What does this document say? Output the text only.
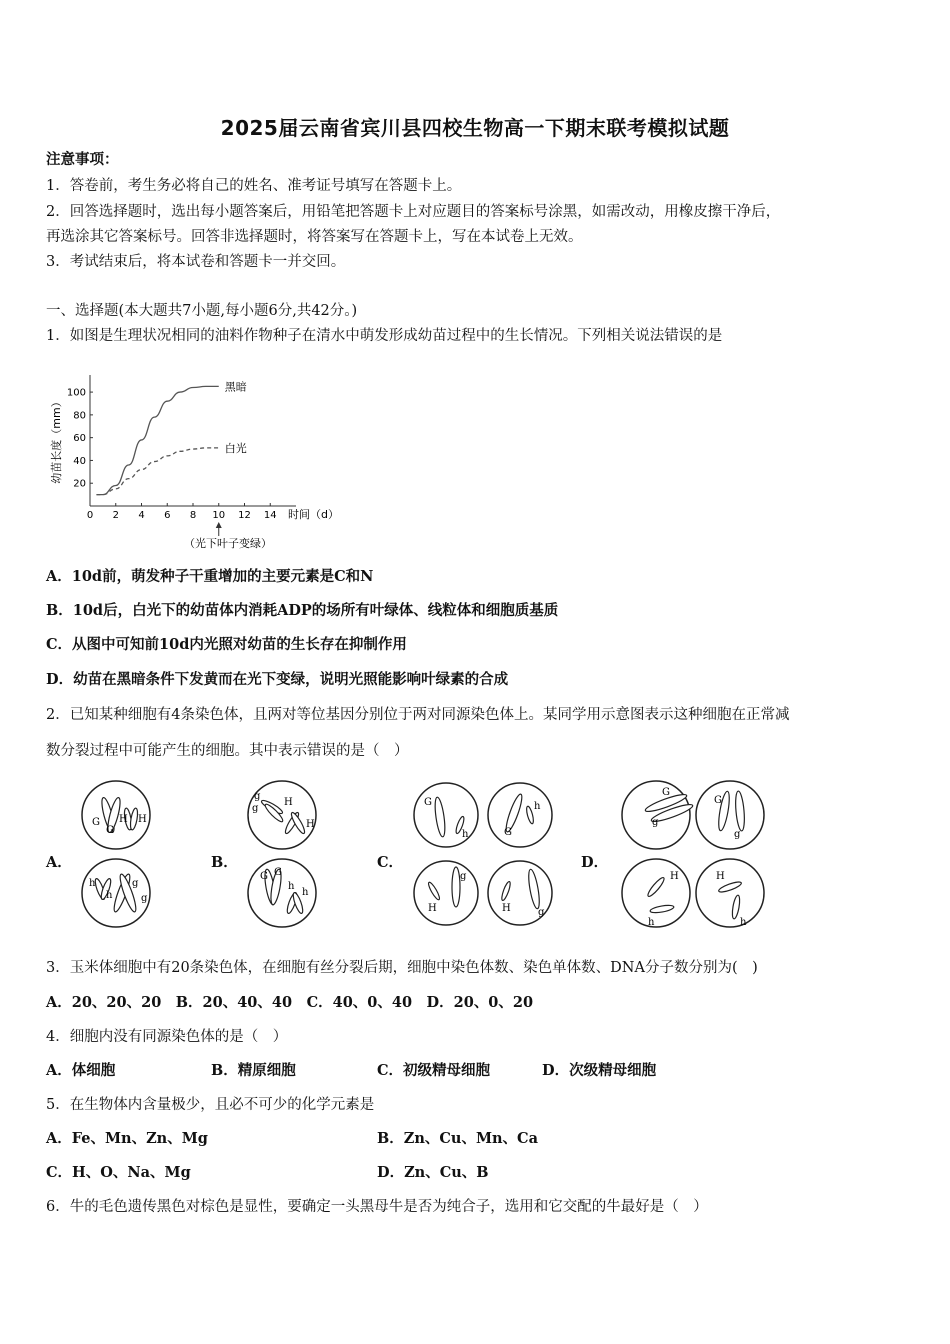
2025届云南省宾川县四校生物高一下期末联考模拟试题
注意事项：
1．答卷前，考生务必将自己的姓名、准考证号填写在答题卡上。
2．回答选择题时，选出每小题答案后，用铅笔把答题卡上对应题目的答案标号涂黑，如需改动，用橡皮擦干净后，
再选涂其它答案标号。回答非选择题时，将答案写在答题卡上，写在本试卷上无效。
3．考试结束后，将本试卷和答题卡一并交回。
一、选择题(本大题共7小题,每小题6分,共42分。)
1．如图是生理状况相同的油料作物种子在清水中萌发形成幼苗过程中的生长情况。下列相关说法错误的是
幼苗长度（mm）
时间（d）
（光下叶子变绿）
0 2 4 6 8 10 12 14
20
40
60
80
100	黑暗
白光
A．10d前，萌发种子干重增加的主要元素是C和N
B．10d后，白光下的幼苗体内消耗ADP的场所有叶绿体、线粒体和细胞质基质
C．从图中可知前10d内光照对幼苗的生长存在抑制作用
D．幼苗在黑暗条件下发黄而在光下变绿，说明光照能影响叶绿素的合成
2．已知某种细胞有4条染色体，且两对等位基因分别位于两对同源染色体上。某同学用示意图表示这种细胞在正常减
数分裂过程中可能产生的细胞。其中表示错误的是（　）
A．	B．	C．	D．
G
G
H H
h
h
g
g
g
g
H
H
G G
h
h
G
h	G
h
H
g
H	g
G
g
G
g
H
h
H
h
3．玉米体细胞中有20条染色体，在细胞有丝分裂后期，细胞中染色体数、染色单体数、DNA分子数分别为(　)
A．20、20、20　B．20、40、40　C．40、0、40　D．20、0、20
4．细胞内没有同源染色体的是（　）
A．体细胞	B．精原细胞	C．初级精母细胞	D．次级精母细胞
5．在生物体内含量极少，且必不可少的化学元素是
A．Fe、Mn、Zn、Mg	B．Zn、Cu、Mn、Ca
C．H、O、Na、Mg	D．Zn、Cu、B
6．牛的毛色遗传黑色对棕色是显性，要确定一头黑母牛是否为纯合子，选用和它交配的牛最好是（　）
